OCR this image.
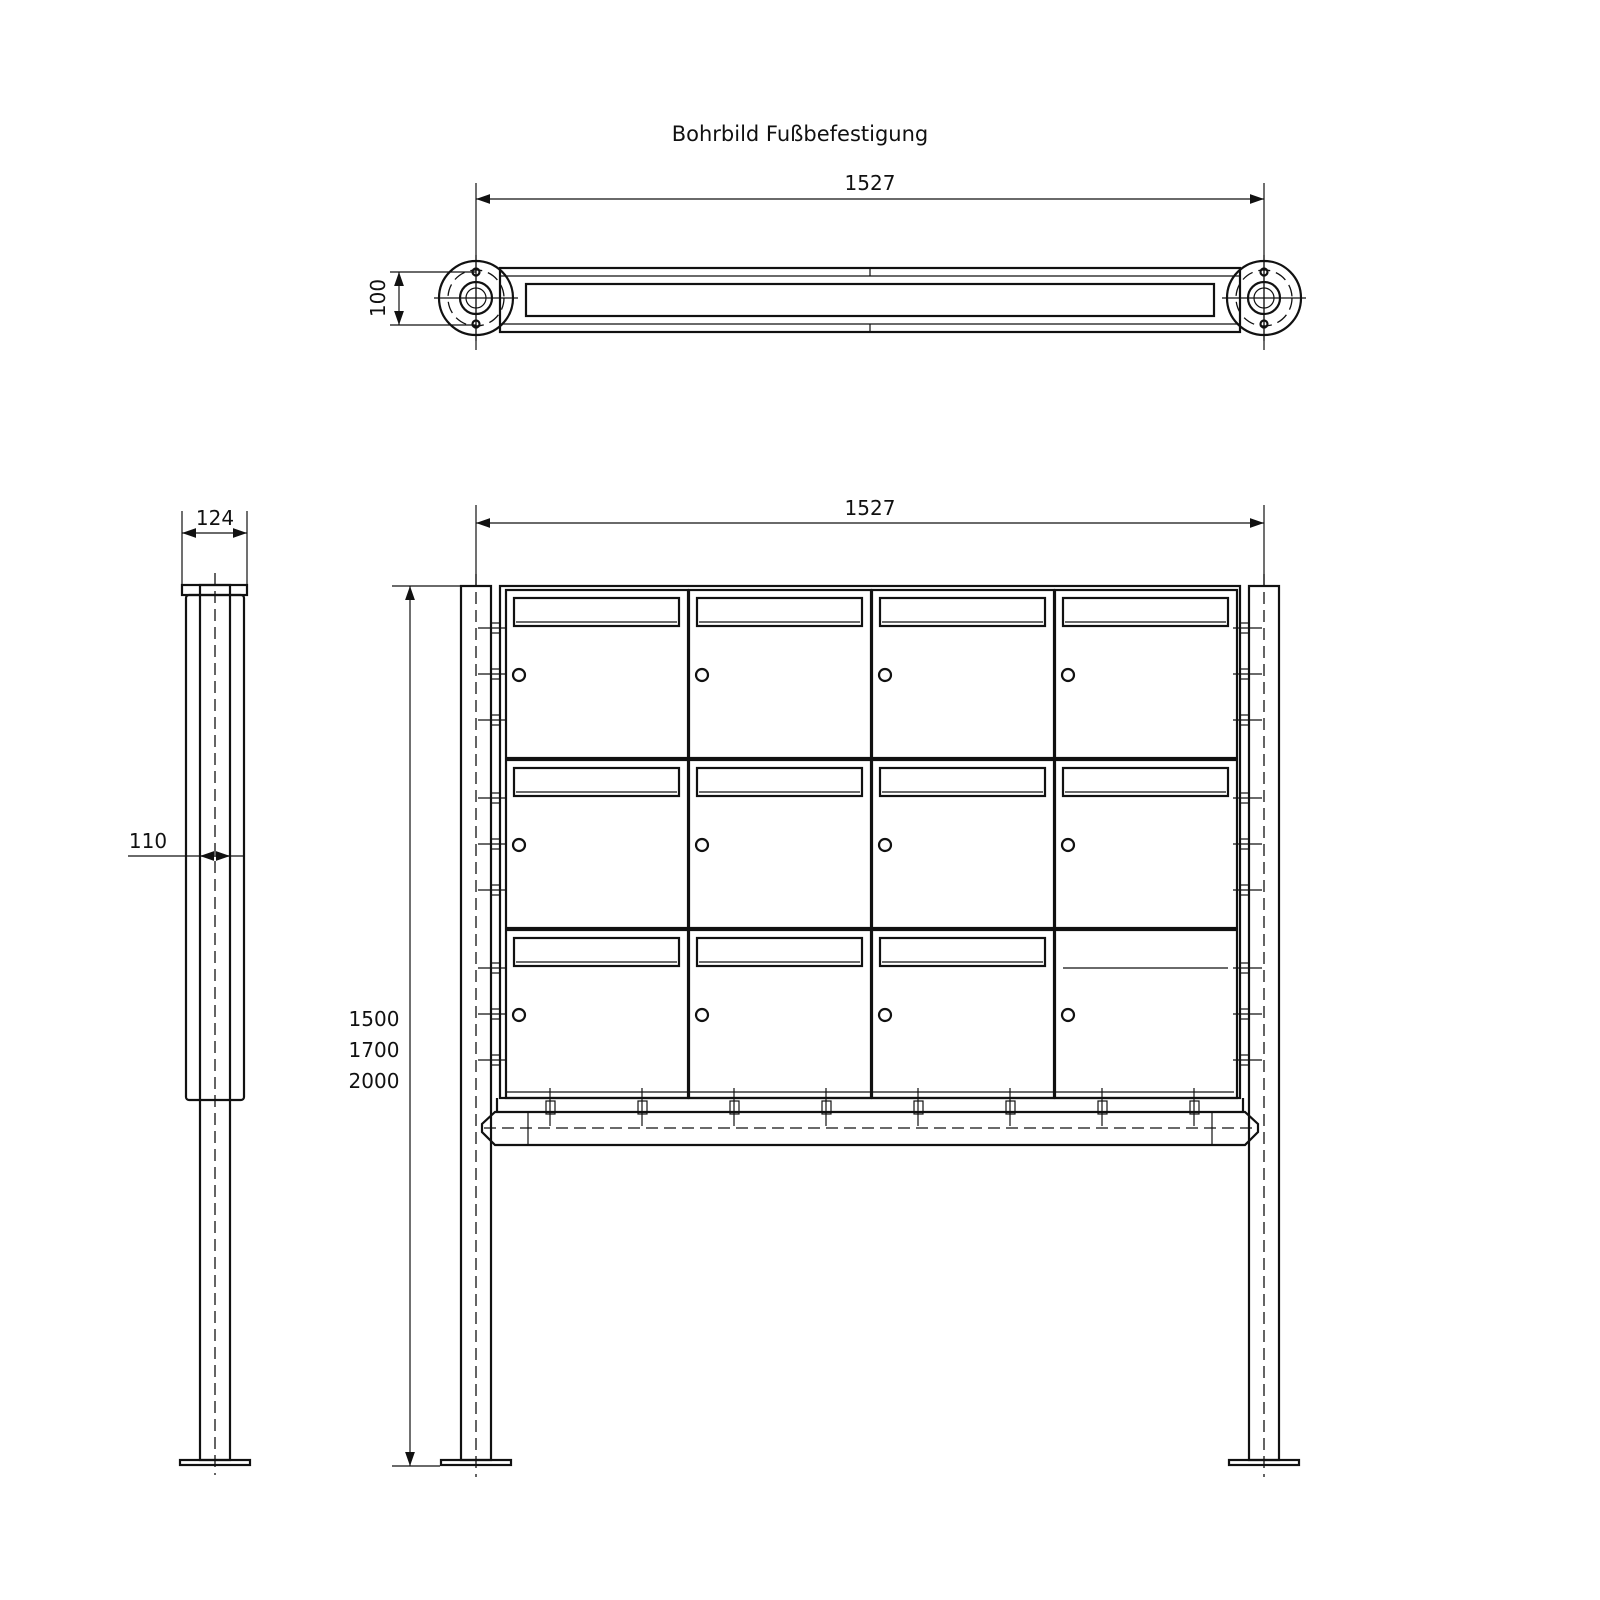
Bohrbild Fußbefestigung
1527
100
124
110
1527
1500
1700
2000
